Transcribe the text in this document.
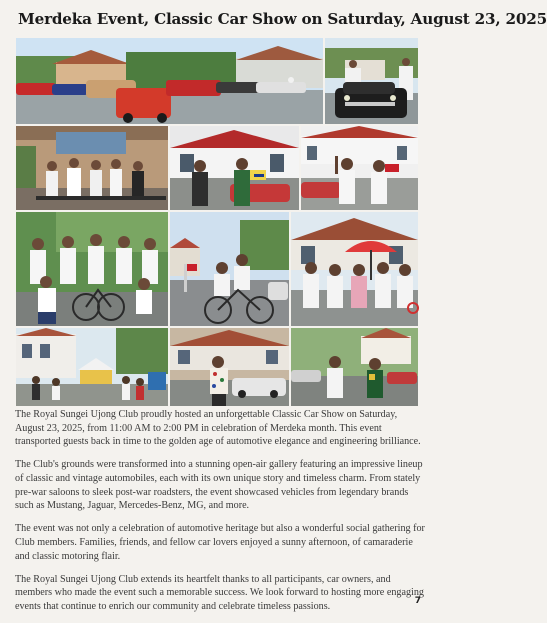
Merdeka Event, Classic Car Show on Saturday, August 23, 2025

The Royal Sungei Ujong Club proudly hosted an unforgettable Classic Car Show on Saturday, August 23, 2025, from 11:00 AM to 2:00 PM in celebration of Merdeka month. This event transported guests back in time to the golden age of automotive elegance and engineering brilliance.

The Club's grounds were transformed into a stunning open-air gallery featuring an impressive lineup of classic and vintage automobiles, each with its own unique story and timeless charm. From stately pre-war saloons to sleek post-war roadsters, the event showcased vehicles from legendary brands such as Mustang, Jaguar, Mercedes-Benz, MG, and more.

The event was not only a celebration of automotive heritage but also a wonderful social gathering for Club members. Families, friends, and fellow car lovers enjoyed a sunny afternoon, of camaraderie and classic motoring flair.

The Royal Sungei Ujong Club extends its heartfelt thanks to all participants, car owners, and members who made the event such a memorable success. We look forward to hosting more engaging events that continue to enrich our community and celebrate timeless passions.	7
